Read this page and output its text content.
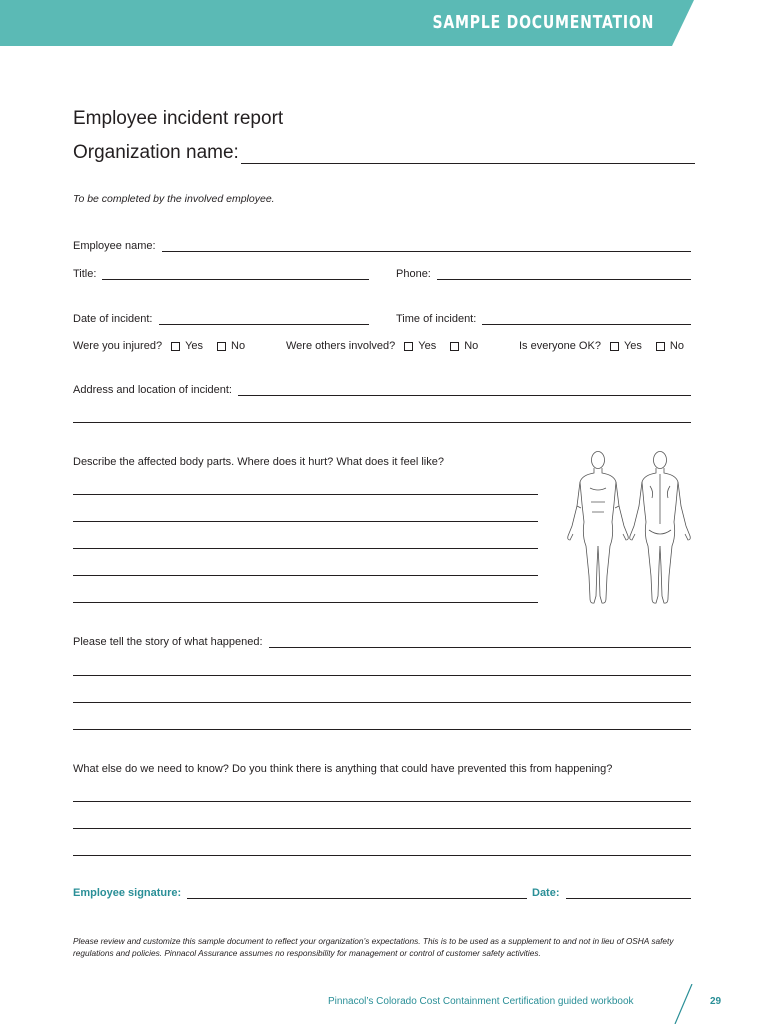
SAMPLE DOCUMENTATION
Employee incident report
Organization name:
To be completed by the involved employee.
Employee name:
Title:	Phone:
Date of incident:	Time of incident:
Were you injured? Yes	No	Were others involved? Yes	No	Is everyone OK? Yes	No
Address and location of incident:
Describe the affected body parts. Where does it hurt? What does it feel like?
Please tell the story of what happened:
What else do we need to know? Do you think there is anything that could have prevented this from happening?
Employee signature:	Date:
Please review and customize this sample document to reflect your organization’s expectations. This is to be used as a supplement to and not in lieu of OSHA safety regulations and policies. Pinnacol Assurance assumes no responsibility for management or control of customer safety activities.
Pinnacol’s Colorado Cost Containment Certification guided workbook	29
